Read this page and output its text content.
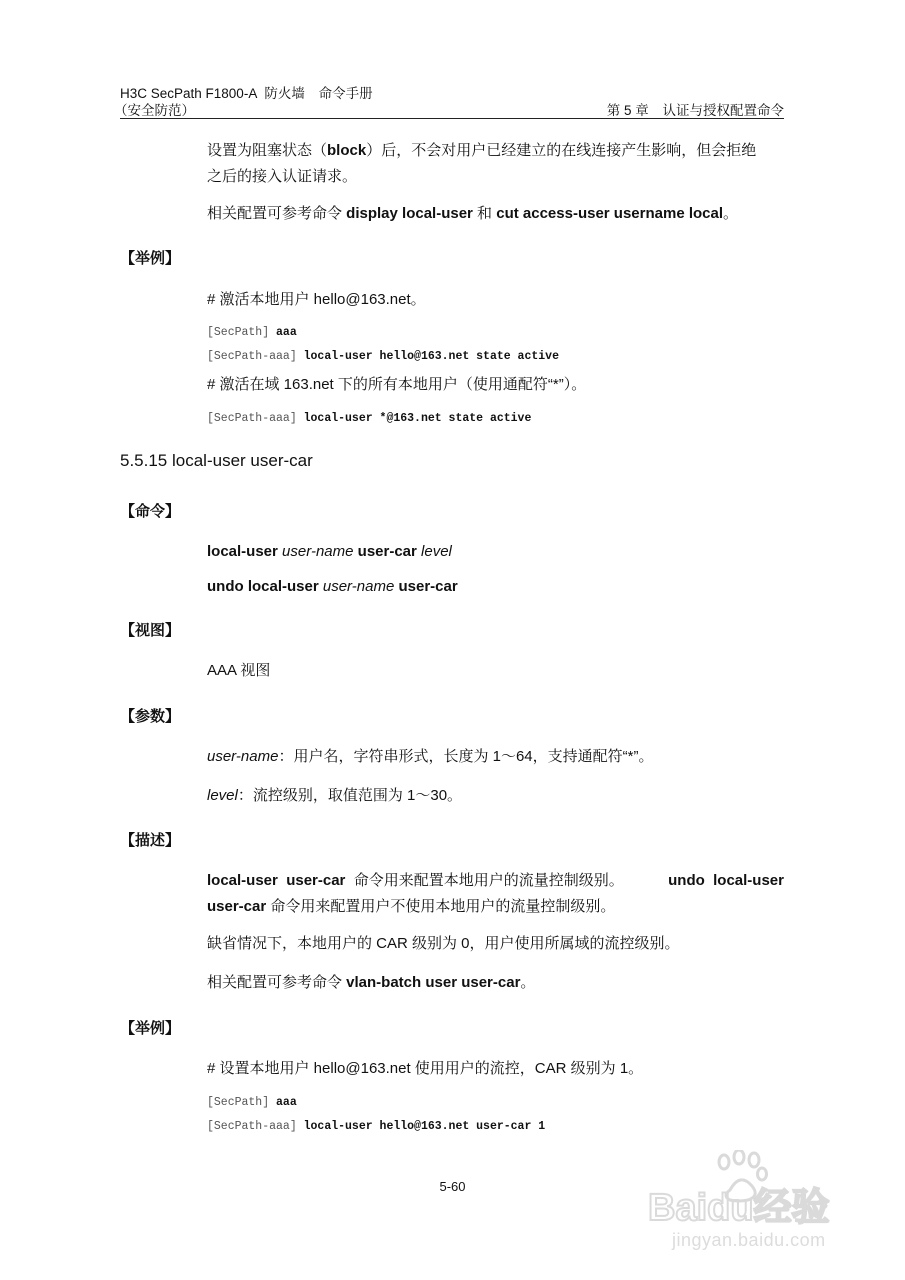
H3C SecPath F1800-A 防火墙 命令手册
（安全防范）	第 5 章 认证与授权配置命令
设置为阻塞状态（block）后，不会对用户已经建立的在线连接产生影响，但会拒绝
之后的接入认证请求。
相关配置可参考命令 display local-user 和 cut access-user username local。
【举例】
# 激活本地用户 hello@163.net。
[SecPath] aaa
[SecPath-aaa] local-user hello@163.net state active
# 激活在域 163.net 下的所有本地用户（使用通配符“*”）。
[SecPath-aaa] local-user *@163.net state active
5.5.15 local-user user-car
【命令】
local-user user-name user-car level
undo local-user user-name user-car
【视图】
AAA 视图
【参数】
user-name：用户名，字符串形式，长度为 1～64，支持通配符“*”。
level：流控级别，取值范围为 1～30。
【描述】
local-user  user-car  命令用来配置本地用户的流量控制级别。	undo  local-user

user-car 命令用来配置用户不使用本地用户的流量控制级别。
缺省情况下，本地用户的 CAR 级别为 0，用户使用所属域的流控级别。
相关配置可参考命令 vlan-batch user user-car。
【举例】
# 设置本地用户 hello@163.net 使用用户的流控，CAR 级别为 1。
[SecPath] aaa
[SecPath-aaa] local-user hello@163.net user-car 1
5-60
Baidu经验
jingyan.baidu.com
